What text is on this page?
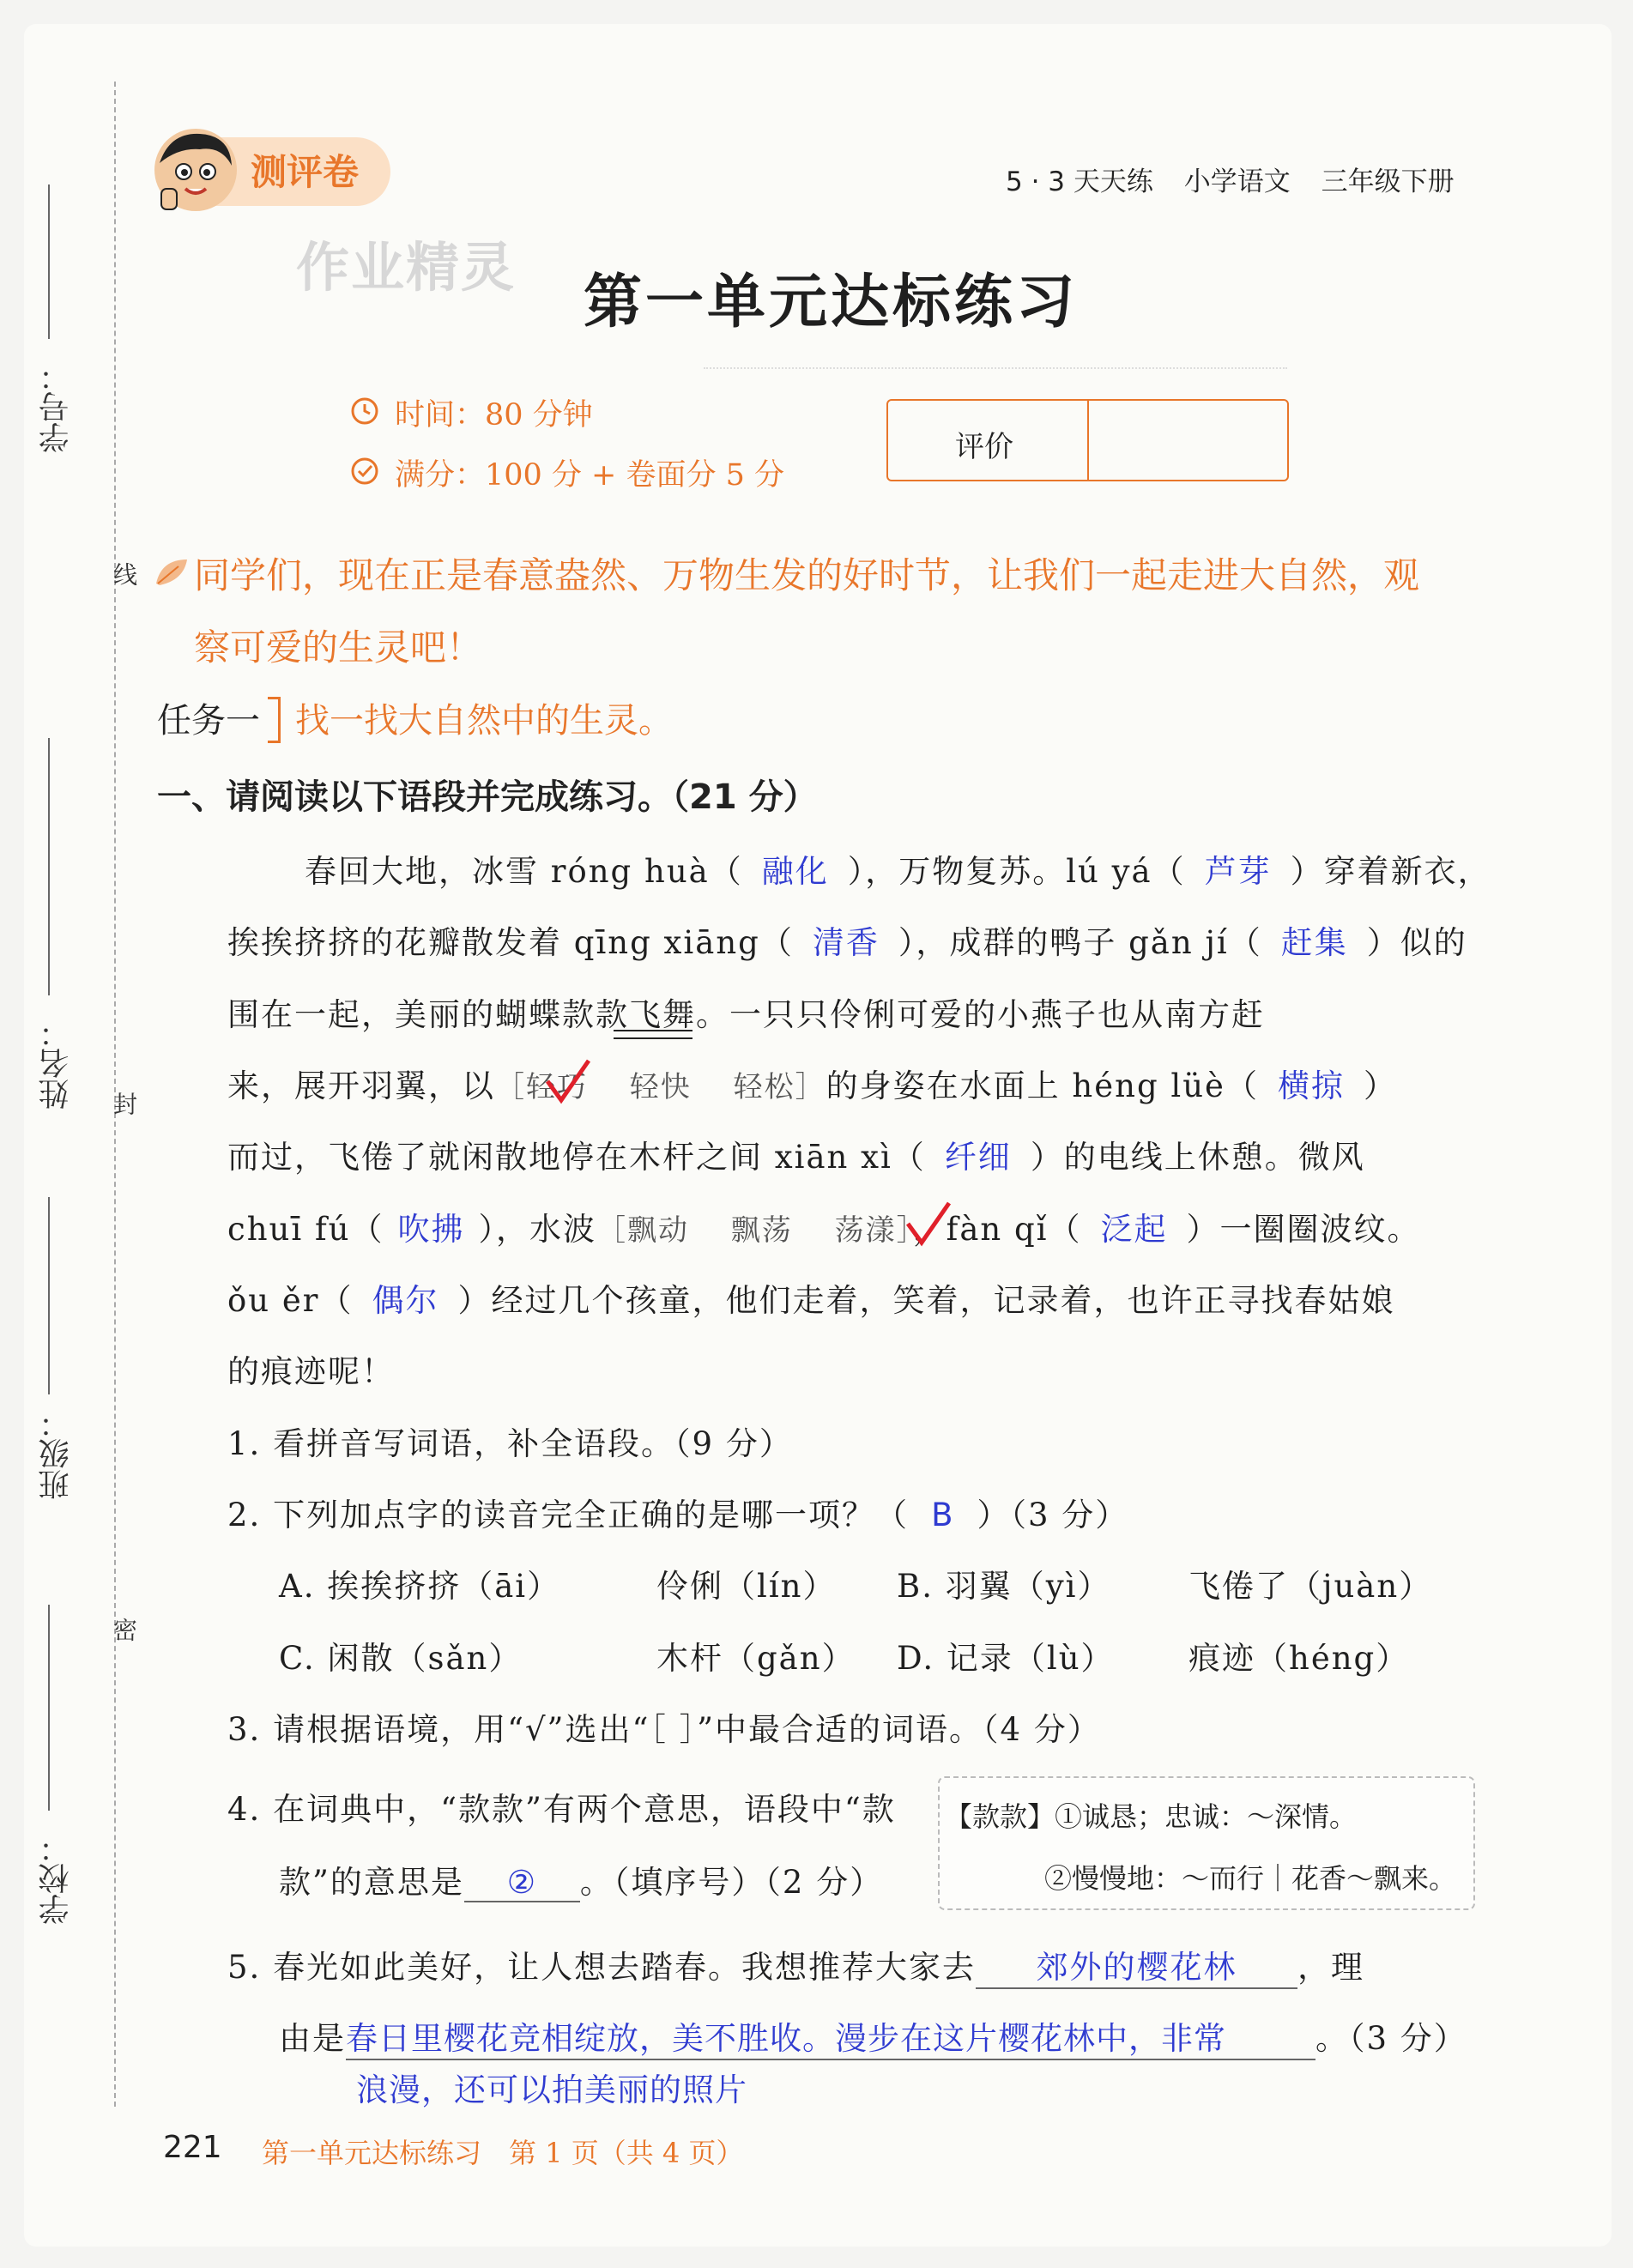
学号：
姓名：
班级：
学校：
线
封
密
测评卷
作业精灵
5 · 3 天天练 小学语文 三年级下册
第一单元达标练习
时间：80 分钟
满分：100 分 + 卷面分 5 分
评价
同学们，现在正是春意盎然、万物生发的好时节，让我们一起走进大自然，观
察可爱的生灵吧！
任务一 找一找大自然中的生灵。
一、请阅读以下语段并完成练习。（21 分）
春回大地，冰雪 róng huà（ 融化 ），万物复苏。lú yá（ 芦芽 ）穿着新衣，
挨挨挤挤的花瓣散发着 qīng xiāng（ 清香 ），成群的鸭子 gǎn jí（ 赶集 ）似的
围在一起，美丽的蝴蝶款款飞舞。一只只伶俐可爱的小燕子也从南方赶
来，展开羽翼，以［轻巧　 轻快　 轻松］的身姿在水面上 héng lüè（ 横掠 ）
而过，飞倦了就闲散地停在木杆之间 xiān xì（ 纤细 ）的电线上休憩。微风
chuī fú（ 吹拂 ），水波［飘动　 飘荡　 荡漾］，fàn qǐ（ 泛起 ）一圈圈波纹。
ǒu ěr（ 偶尔 ）经过几个孩童，他们走着，笑着，记录着，也许正寻找春姑娘
的痕迹呢！
1. 看拼音写词语，补全语段。（9 分）
2. 下列加点字的读音完全正确的是哪一项？（ B ）（3 分）
A. 挨挨挤挤（āi）	伶俐（lín） B. 羽翼（yì） 飞倦了（juàn）
C. 闲散（sǎn）	木杆（gǎn） D. 记录（lù） 痕迹（héng）
3. 请根据语境，用“√”选出“［ ］”中最合适的词语。（4 分）
4. 在词典中，“款款”有两个意思，语段中“款
款”的意思是 ② 。（填序号）（2 分）
【款款】①诚恳；忠诚：～深情。
②慢慢地：～而行｜花香～飘来。
5. 春光如此美好，让人想去踏春。我想推荐大家去 郊外的樱花林 ，理
由是春日里樱花竞相绽放，美不胜收。漫步在这片樱花林中，非常	。（3 分）
浪漫，还可以拍美丽的照片
221 第一单元达标练习　第 1 页（共 4 页）
